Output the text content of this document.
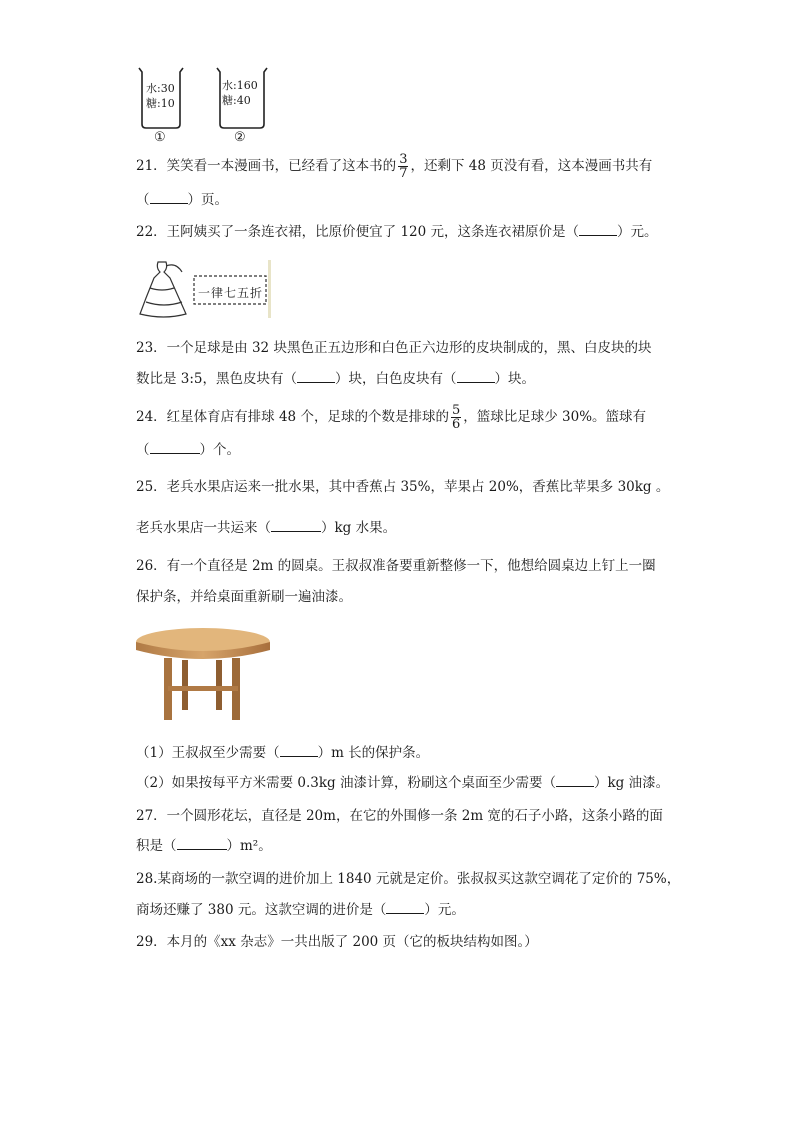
水:30
糖:10
①
水:160
糖:40
②
21．笑笑看一本漫画书，已经看了这本书的 $\frac{3}{7}$ ，还剩下 48 页没有看，这本漫画书共有
（	）页。
22．王阿姨买了一条连衣裙，比原价便宜了 120 元，这条连衣裙原价是（	）元。
一律七五折
23．一个足球是由 32 块黑色正五边形和白色正六边形的皮块制成的，黑、白皮块的块
数比是 3:5，黑色皮块有（	）块，白色皮块有（	）块。
24．红星体育店有排球 48 个，足球的个数是排球的 $\frac{5}{6}$ ，篮球比足球少 30%。篮球有
（	）个。
25．老兵水果店运来一批水果，其中香蕉占 35%，苹果占 20%，香蕉比苹果多 30kg 。
老兵水果店一共运来（	）kg 水果。
26．有一个直径是 2m 的圆桌。王叔叔准备要重新整修一下，他想给圆桌边上钉上一圈
保护条，并给桌面重新刷一遍油漆。
（1）王叔叔至少需要（	）m 长的保护条。
（2）如果按每平方米需要 0.3kg 油漆计算，粉刷这个桌面至少需要（	）kg 油漆。
27．一个圆形花坛，直径是 20m，在它的外围修一条 2m 宽的石子小路，这条小路的面
积是（	）m²。
28.某商场的一款空调的进价加上 1840 元就是定价。张叔叔买这款空调花了定价的 75%，
商场还赚了 380 元。这款空调的进价是（	）元。
29．本月的《xx 杂志》一共出版了 200 页（它的板块结构如图。）
